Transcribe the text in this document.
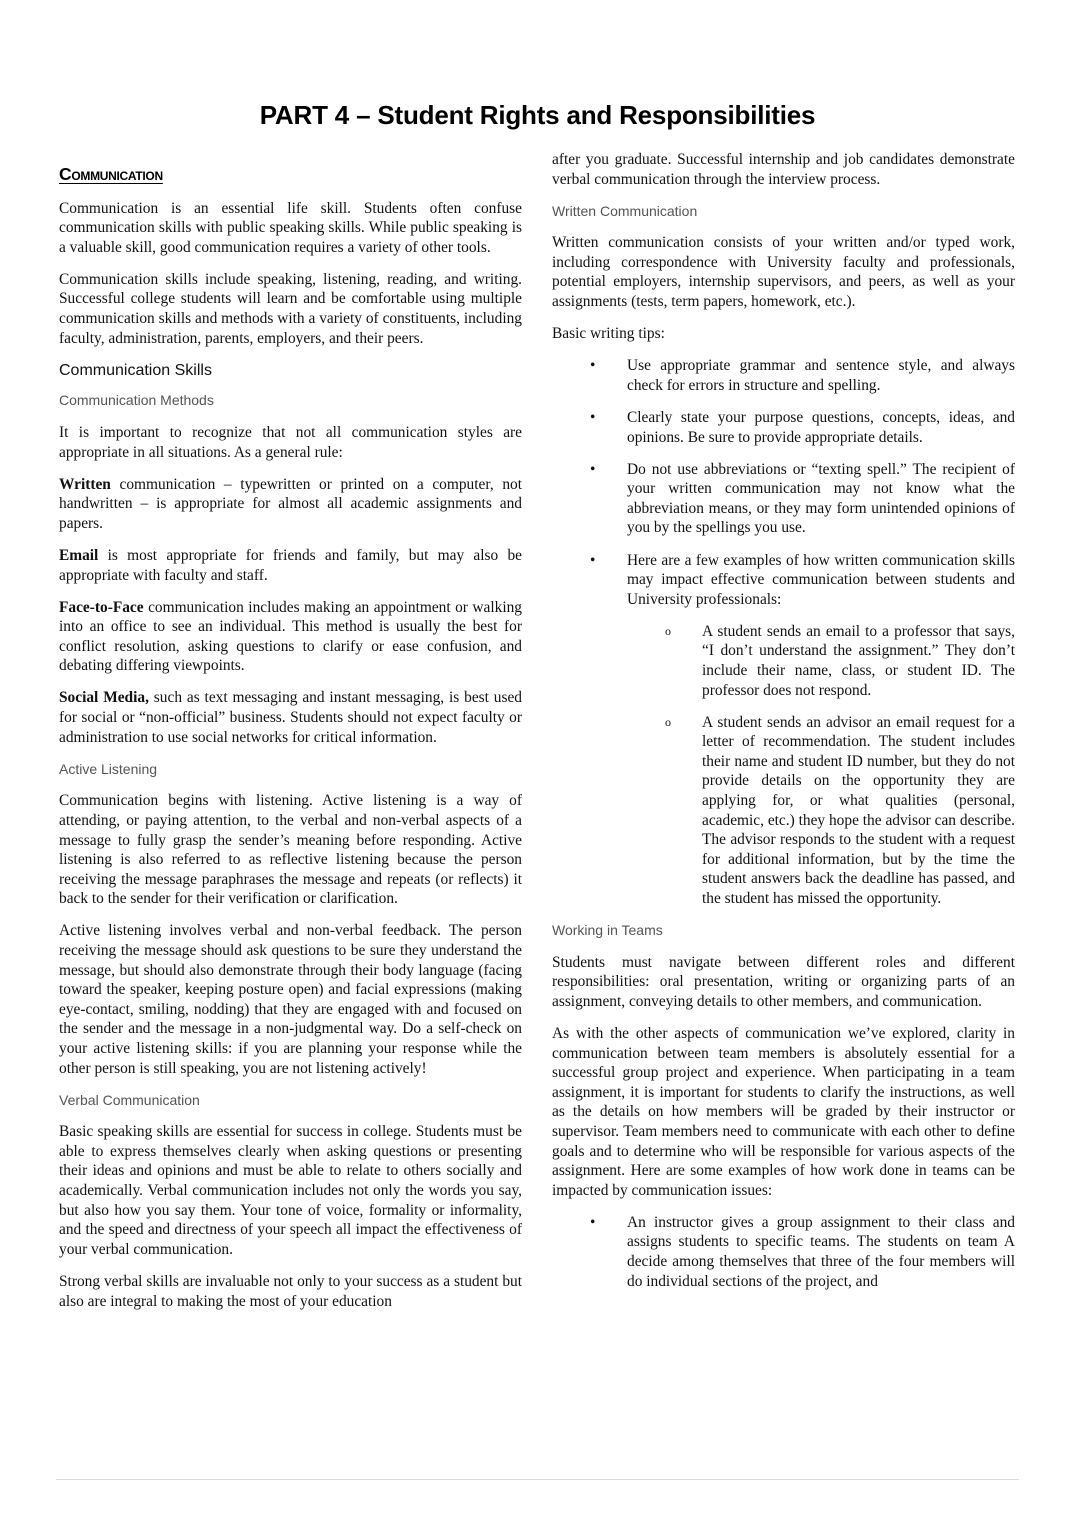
PART 4 – Student Rights and Responsibilities
Communication

Communication is an essential life skill. Students often confuse communication skills with public speaking skills. While public speaking is a valuable skill, good communication requires a variety of other tools.

Communication skills include speaking, listening, reading, and writing. Successful college students will learn and be comfortable using multiple communication skills and methods with a variety of constituents, including faculty, administration, parents, employers, and their peers.

Communication Skills
Communication Methods

It is important to recognize that not all communication styles are appropriate in all situations. As a general rule:

Written communication – typewritten or printed on a computer, not handwritten – is appropriate for almost all academic assignments and papers.

Email is most appropriate for friends and family, but may also be appropriate with faculty and staff.

Face-to-Face communication includes making an appointment or walking into an office to see an individual. This method is usually the best for conflict resolution, asking questions to clarify or ease confusion, and debating differing viewpoints.

Social Media, such as text messaging and instant messaging, is best used for social or “non-official” business. Students should not expect faculty or administration to use social networks for critical information.

Active Listening

Communication begins with listening. Active listening is a way of attending, or paying attention, to the verbal and non-verbal aspects of a message to fully grasp the sender’s meaning before responding. Active listening is also referred to as reflective listening because the person receiving the message paraphrases the message and repeats (or reflects) it back to the sender for their verification or clarification.

Active listening involves verbal and non-verbal feedback. The person receiving the message should ask questions to be sure they understand the message, but should also demonstrate through their body language (facing toward the speaker, keeping posture open) and facial expressions (making eye-contact, smiling, nodding) that they are engaged with and focused on the sender and the message in a non-judgmental way. Do a self-check on your active listening skills: if you are planning your response while the other person is still speaking, you are not listening actively!

Verbal Communication

Basic speaking skills are essential for success in college. Students must be able to express themselves clearly when asking questions or presenting their ideas and opinions and must be able to relate to others socially and academically. Verbal communication includes not only the words you say, but also how you say them. Your tone of voice, formality or informality, and the speed and directness of your speech all impact the effectiveness of your verbal communication.

Strong verbal skills are invaluable not only to your success as a student but also are integral to making the most of your education

after you graduate. Successful internship and job candidates demonstrate verbal communication through the interview process.

Written Communication

Written communication consists of your written and/or typed work, including correspondence with University faculty and professionals, potential employers, internship supervisors, and peers, as well as your assignments (tests, term papers, homework, etc.).

Basic writing tips:

• Use appropriate grammar and sentence style, and always check for errors in structure and spelling.
• Clearly state your purpose questions, concepts, ideas, and opinions. Be sure to provide appropriate details.
• Do not use abbreviations or “texting spell.” The recipient of your written communication may not know what the abbreviation means, or they may form unintended opinions of you by the spellings you use.
• Here are a few examples of how written communication skills may impact effective communication between students and University professionals:
o A student sends an email to a professor that says, “I don’t understand the assignment.” They don’t include their name, class, or student ID. The professor does not respond.
o A student sends an advisor an email request for a letter of recommendation. The student includes their name and student ID number, but they do not provide details on the opportunity they are applying for, or what qualities (personal, academic, etc.) they hope the advisor can describe. The advisor responds to the student with a request for additional information, but by the time the student answers back the deadline has passed, and the student has missed the opportunity.
Working in Teams

Students must navigate between different roles and different responsibilities: oral presentation, writing or organizing parts of an assignment, conveying details to other members, and communication.

As with the other aspects of communication we’ve explored, clarity in communication between team members is absolutely essential for a successful group project and experience. When participating in a team assignment, it is important for students to clarify the instructions, as well as the details on how members will be graded by their instructor or supervisor. Team members need to communicate with each other to define goals and to determine who will be responsible for various aspects of the assignment. Here are some examples of how work done in teams can be impacted by communication issues:

• An instructor gives a group assignment to their class and assigns students to specific teams. The students on team A decide among themselves that three of the four members will do individual sections of the project, and
